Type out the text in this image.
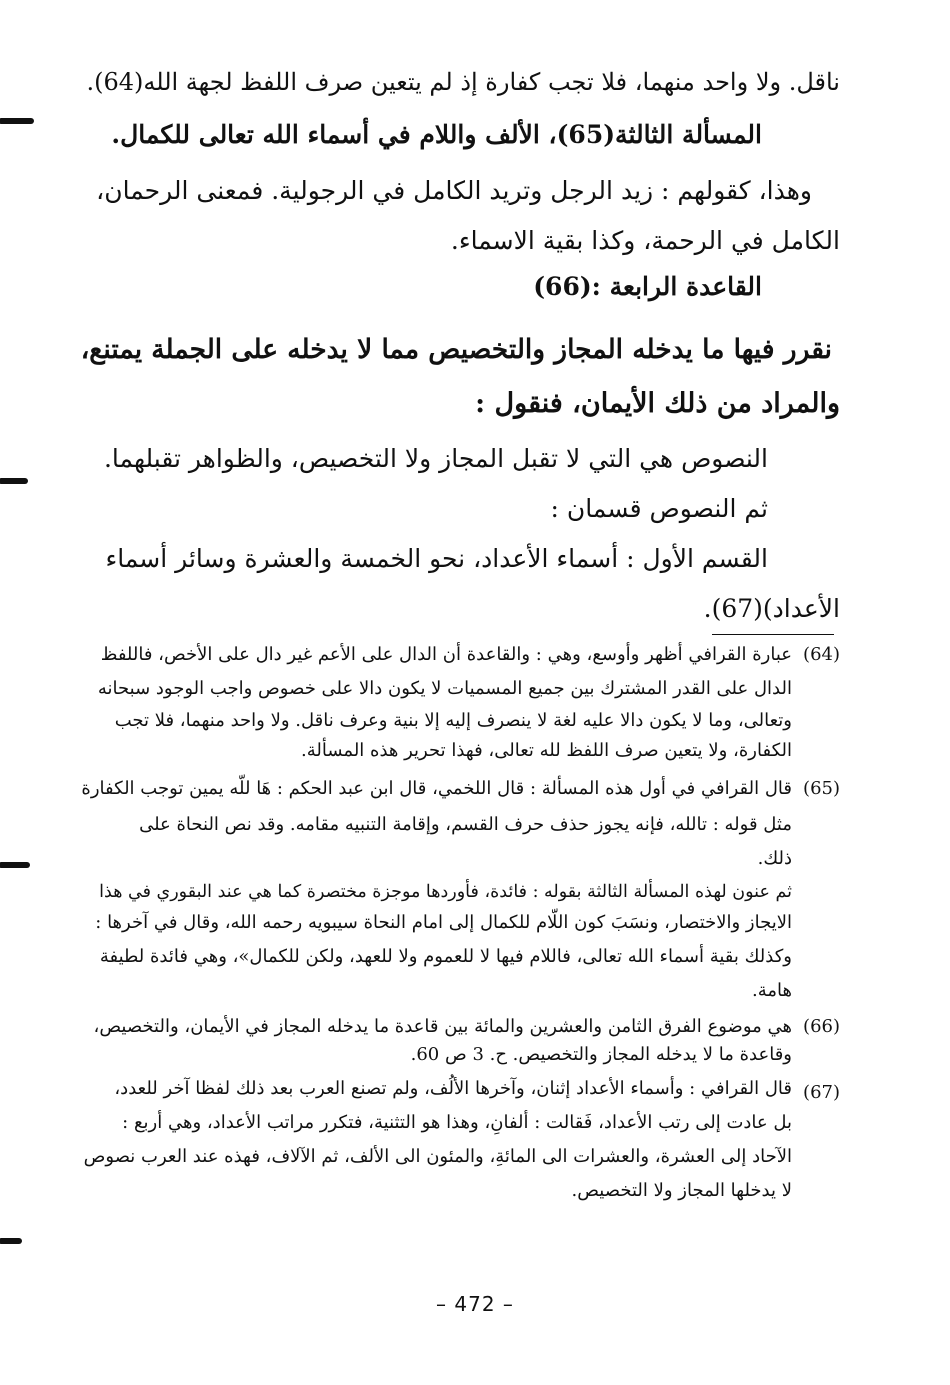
ناقل. ولا واحد منهما، فلا تجب كفارة إذ لم يتعين صرف اللفظ لجهة الله(64).
المسألة الثالثة(65)، الألف واللام في أسماء الله تعالى للكمال.
وهذا، كقولهم : زيد الرجل وتريد الكامل في الرجولية. فمعنى الرحمان،
الكامل في الرحمة، وكذا بقية الاسماء.
القاعدة الرابعة :(66)
نقرر فيها ما يدخله المجاز والتخصيص مما لا يدخله على الجملة يمتنع،
والمراد من ذلك الأيمان، فنقول :
النصوص هي التي لا تقبل المجاز ولا التخصيص، والظواهر تقبلهما.
ثم النصوص قسمان :
القسم الأول : أسماء الأعداد، نحو الخمسة والعشرة وسائر أسماء
الأعداد)(67).
(64)
عبارة القرافي أظهر وأوسع، وهي : والقاعدة أن الدال على الأعم غير دال على الأخص، فاللفظ
الدال على القدر المشترك بين جميع المسميات لا يكون دالا على خصوص واجب الوجود سبحانه
وتعالى، وما لا يكون دالا عليه لغة لا ينصرف إليه إلا بنية وعرف ناقل. ولا واحد منهما، فلا تجب
الكفارة، ولا يتعين صرف اللفظ لله تعالى، فهذا تحرير هذه المسألة.
(65)
قال القرافي في أول هذه المسألة : قال اللخمي، قال ابن عبد الحكم : هَا للّه يمين توجب الكفارة
مثل قوله : تالله، فإنه يجوز حذف حرف القسم، وإقامة التنبيه مقامه. وقد نص النحاة على
ذلك.
ثم عنون لهذه المسألة الثالثة بقوله : فائدة، فأوردها موجزة مختصرة كما هي عند البقوري في هذا
الايجاز والاختصار، ونسَبَ كون اللّام للكمال إلى امام النحاة سيبويه رحمه الله، وقال في آخرها :
وكذلك بقية أسماء الله تعالى، فاللام فيها لا للعموم ولا للعهد، ولكن للكمال»، وهي فائدة لطيفة
هامة.
(66)
هي موضوع الفرق الثامن والعشرين والمائة بين قاعدة ما يدخله المجاز في الأيمان، والتخصيص،
وقاعدة ما لا يدخله المجاز والتخصيص. ح. 3 ص 60.
(67)
قال القرافي : وأسماء الأعداد إثنان، وآخرها الألُف، ولم تصنع العرب بعد ذلك لفظا آخر للعدد،
بل عادت إلى رتب الأعداد، فَقالت : ألفانِ، وهذا هو التثنية، فتكرر مراتب الأعداد، وهي أربع :
الآحاد إلى العشرة، والعشرات الى المائةِ، والمئون الى الألف، ثم الآلاف، فهذه عند العرب نصوص
لا يدخلها المجاز ولا التخصيص.
– 472 –
